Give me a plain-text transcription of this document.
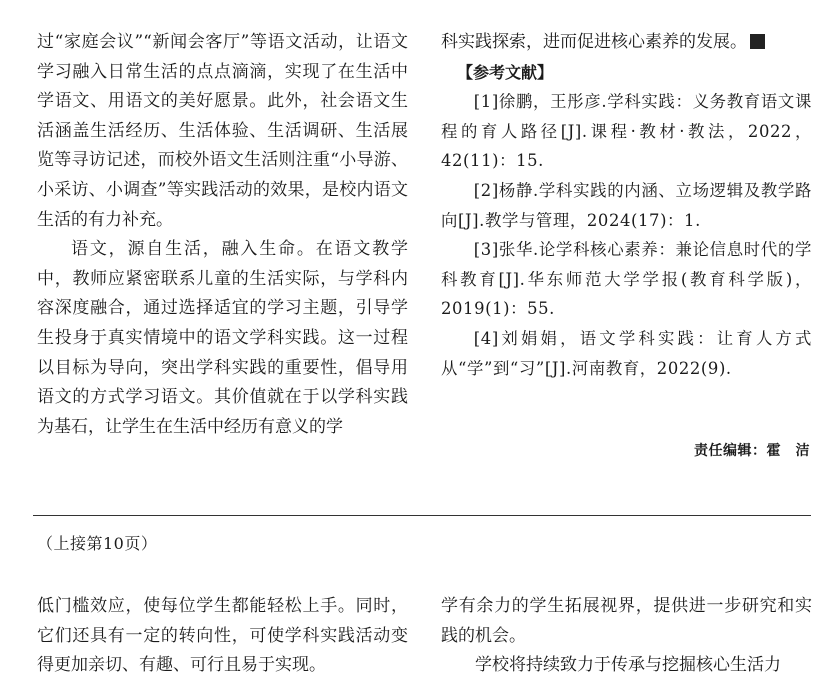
过“家庭会议”“新闻会客厅”等语文活动，让语文学习融入日常生活的点点滴滴，实现了在生活中学语文、用语文的美好愿景。此外，社会语文生活涵盖生活经历、生活体验、生活调研、生活展览等寻访记述，而校外语文生活则注重“小导游、小采访、小调查”等实践活动的效果，是校内语文生活的有力补充。

语文，源自生活，融入生命。在语文教学中，教师应紧密联系儿童的生活实际，与学科内容深度融合，通过选择适宜的学习主题，引导学生投身于真实情境中的语文学科实践。这一过程以目标为导向，突出学科实践的重要性，倡导用语文的方式学习语文。其价值就在于以学科实践为基石，让学生在生活中经历有意义的学

科实践探索，进而促进核心素养的发展。

【参考文献】

[1]徐鹏，王彤彦.学科实践：义务教育语文课程的育人路径[J].课程·教材·教法，2022，42(11)：15.

[2]杨静.学科实践的内涵、立场逻辑及教学路向[J].教学与管理，2024(17)：1.

[3]张华.论学科核心素养：兼论信息时代的学科教育[J].华东师范大学学报(教育科学版)，2019(1)：55.

[4]刘娟娟，语文学科实践：让育人方式从“学”到“习”[J].河南教育，2022(9).

责任编辑：霍　洁
（上接第10页）

低门槛效应，使每位学生都能轻松上手。同时，它们还具有一定的转向性，可使学科实践活动变得更加亲切、有趣、可行且易于实现。

学有余力的学生拓展视界，提供进一步研究和实践的机会。

学校将持续致力于传承与挖掘核心生活力
